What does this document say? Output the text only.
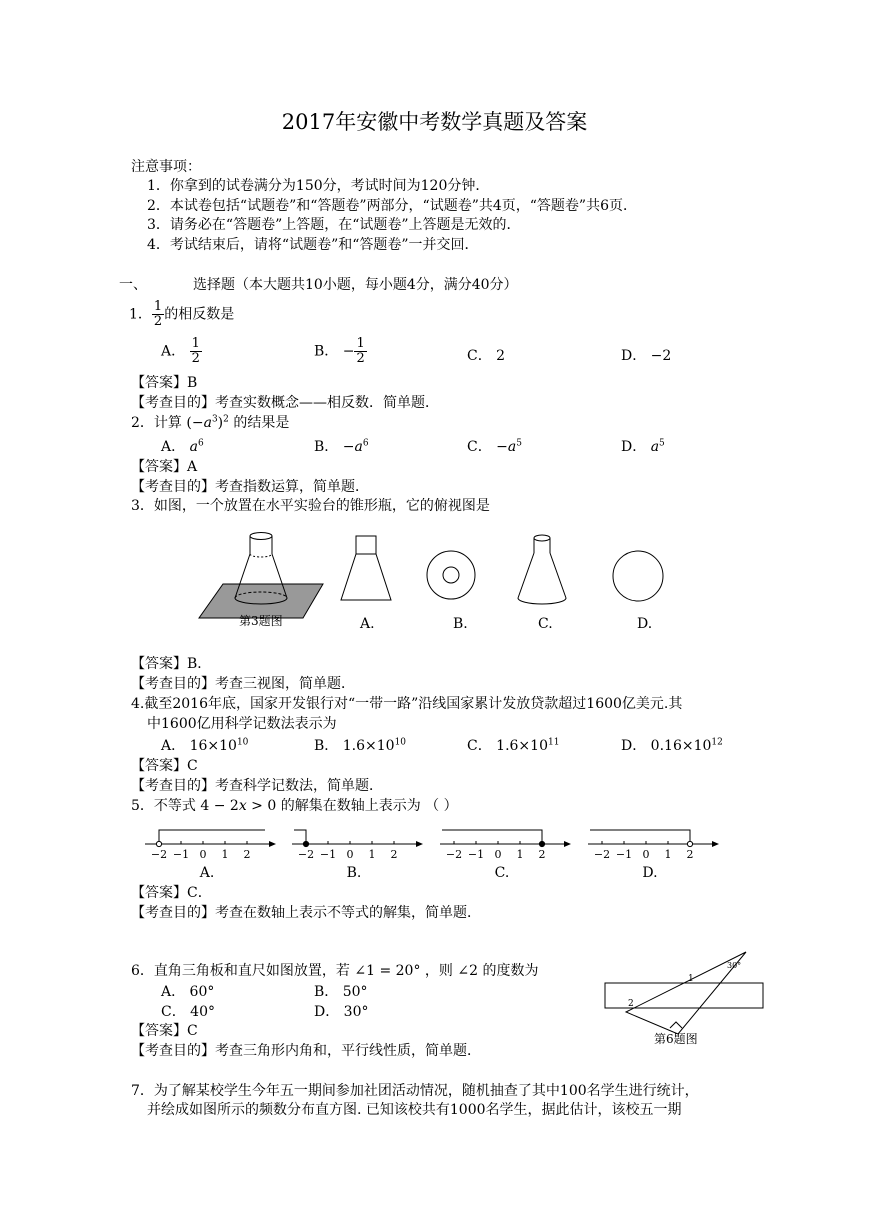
2017年安徽中考数学真题及答案
注意事项：
1．你拿到的试卷满分为150分，考试时间为120分钟．
2．本试卷包括“试题卷”和“答题卷”两部分，“试题卷”共4页，“答题卷”共6页．
3．请务必在“答题卷”上答题，在“试题卷”上答题是无效的．
4．考试结束后，请将“试题卷”和“答题卷”一并交回．
一、	选择题（本大题共10小题，每小题4分，满分40分）
1． $\frac{1}{2}$ 的相反数是
A． $\frac{1}{2}$	B． − $\frac{1}{2}$	C． 2	D． −2
【答案】B
【考查目的】考查实数概念——相反数．简单题．
2．计算 $(-a^3)^2$ 的结果是
A． $a^6$	B． $-a^6$	C． $-a^5$	D． $a^5$
【答案】A
【考查目的】考查指数运算，简单题．
3．如图，一个放置在水平实验台的锥形瓶，它的俯视图是
第3题图	A.	B.	C.	D.
【答案】B．
【考查目的】考查三视图，简单题．
4.截至2016年底，国家开发银行对“一带一路”沿线国家累计发放贷款超过1600亿美元.其
中1600亿用科学记数法表示为
A． $16\times 10^{10}$	B． $1.6\times 10^{10}$	C． $1.6\times 10^{11}$	D． $0.16\times 10^{12}$
【答案】C
【考查目的】考查科学记数法，简单题．
5．不等式 4 − 2x > 0 的解集在数轴上表示为 （ ）
−2 −1 0 1 2
A.
−2 −1 0 1 2
B.
−2 −1 0 1 2
C.
−2 −1 0 1 2
D.
【答案】C．
【考查目的】考查在数轴上表示不等式的解集，简单题．
6．直角三角板和直尺如图放置，若 ∠1 = 20° ，则 ∠2 的度数为
A． 60°	B． 50°
C． 40°	D． 30°
【答案】C
【考查目的】考查三角形内角和，平行线性质，简单题．
30°
1
2
第6题图
7．为了解某校学生今年五一期间参加社团活动情况，随机抽查了其中100名学生进行统计，
并绘成如图所示的频数分布直方图. 已知该校共有1000名学生，据此估计，该校五一期
